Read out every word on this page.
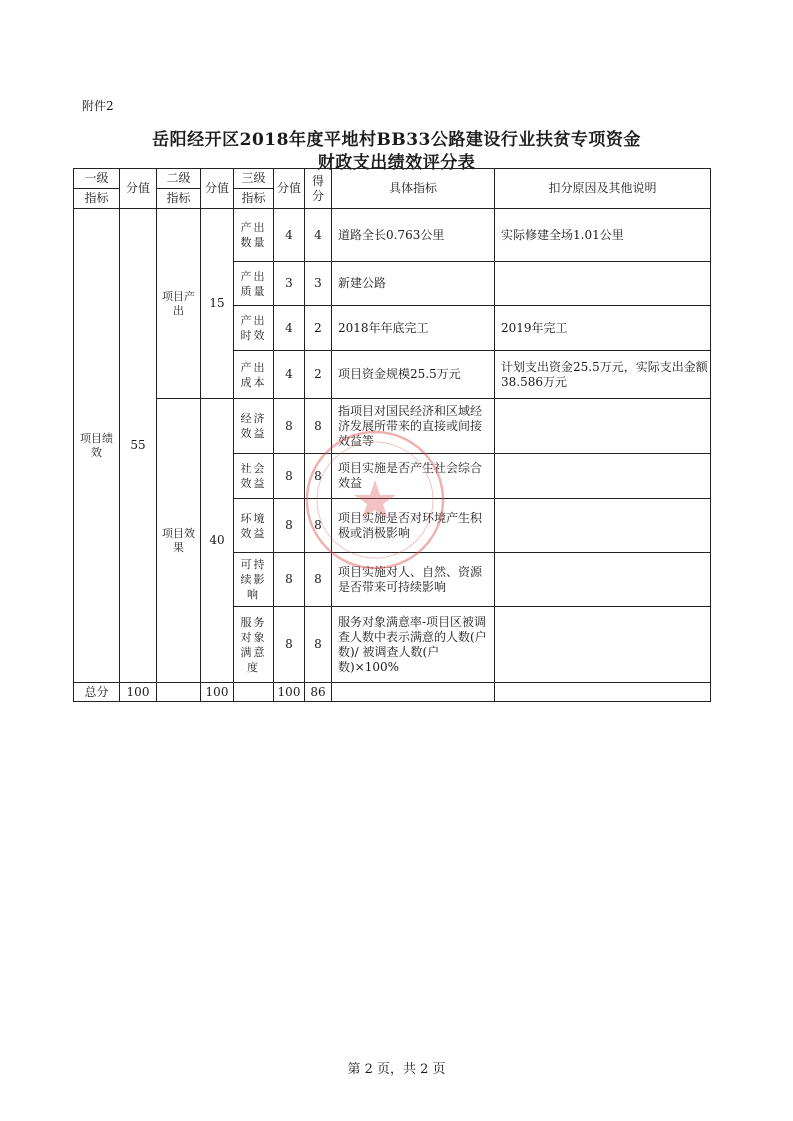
附件2
岳阳经开区2018年度平地村BB33公路建设行业扶贫专项资金
财政支出绩效评分表
一级	分值	二级	分值	三级	分值	得分	具体指标	扣分原因及其他说明
指标		指标		指标				
项目绩效	55	项目产出	15	产出数量	4	4	道路全长0.763公里	实际修建全场1.01公里
				产出质量	3	3	新建公路	
				产出时效	4	2	2018年年底完工	2019年完工
				产出成本	4	2	项目资金规模25.5万元	计划支出资金25.5万元，实际支出金额38.586万元
		项目效果	40	经济效益	8	8	指项目对国民经济和区域经济发展所带来的直接或间接效益等	
				社会效益	8	8	项目实施是否产生社会综合效益	
				环境效益	8	8	项目实施是否对环境产生积极或消极影响	
				可持续影响	8	8	项目实施对人、自然、资源是否带来可持续影响	
				服务对象满意度	8	8	服务对象满意率-项目区被调查人数中表示满意的人数(户数)/ 被调查人数(户数)×100%	
总分	100		100		100	86		
第 2 页，共 2 页
